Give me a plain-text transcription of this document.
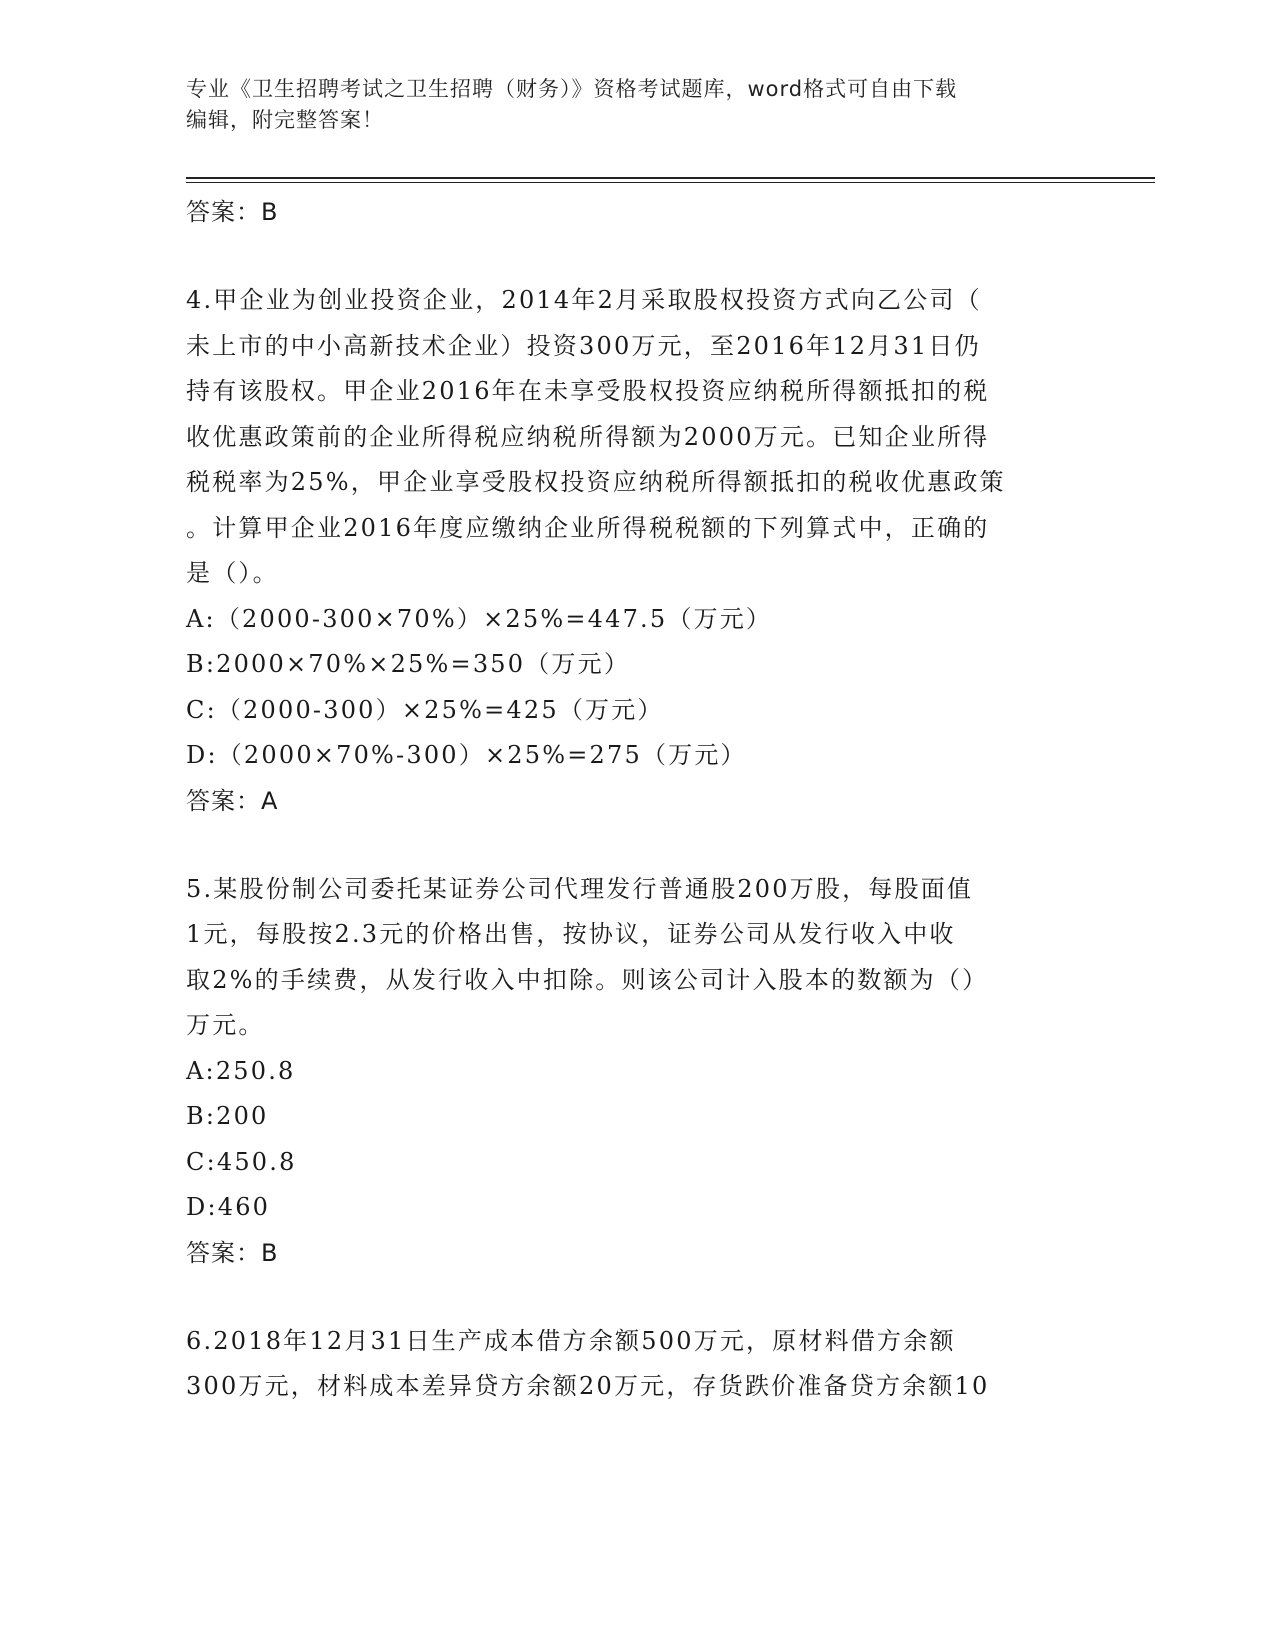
专业《卫生招聘考试之卫生招聘（财务）》资格考试题库，word格式可自由下载
编辑，附完整答案！
答案：B
4.甲企业为创业投资企业，2014年2月采取股权投资方式向乙公司（
未上市的中小高新技术企业）投资300万元，至2016年12月31日仍
持有该股权。甲企业2016年在未享受股权投资应纳税所得额抵扣的税
收优惠政策前的企业所得税应纳税所得额为2000万元。已知企业所得
税税率为25%，甲企业享受股权投资应纳税所得额抵扣的税收优惠政策
。计算甲企业2016年度应缴纳企业所得税税额的下列算式中，正确的
是（）。
A:（2000-300×70%）×25%=447.5（万元）
B:2000×70%×25%=350（万元）
C:（2000-300）×25%=425（万元）
D:（2000×70%-300）×25%=275（万元）
答案：A
5.某股份制公司委托某证券公司代理发行普通股200万股，每股面值
1元，每股按2.3元的价格出售，按协议，证券公司从发行收入中收
取2%的手续费，从发行收入中扣除。则该公司计入股本的数额为（）
万元。
A:250.8
B:200
C:450.8
D:460
答案：B
6.2018年12月31日生产成本借方余额500万元，原材料借方余额
300万元，材料成本差异贷方余额20万元，存货跌价准备贷方余额10
